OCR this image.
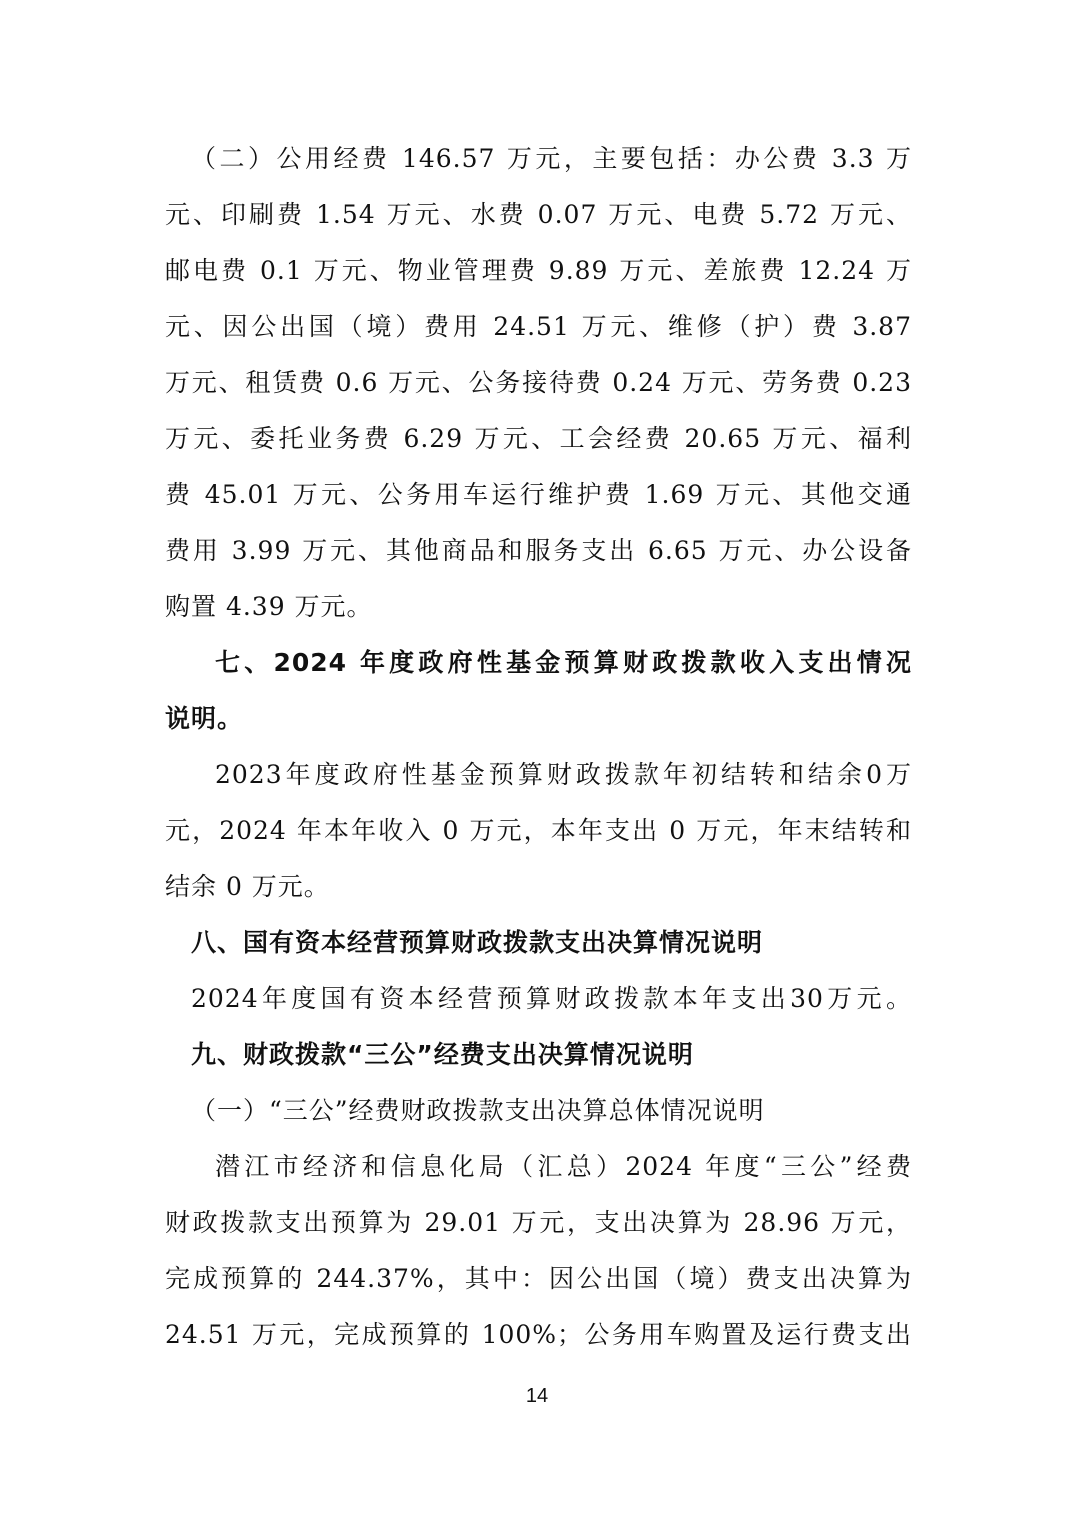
（二）公用经费 146.57 万元，主要包括：办公费 3.3 万
元、印刷费 1.54 万元、水费 0.07 万元、电费 5.72 万元、
邮电费 0.1 万元、物业管理费 9.89 万元、差旅费 12.24 万
元、因公出国（境）费用 24.51 万元、维修（护）费 3.87
万元、租赁费 0.6 万元、公务接待费 0.24 万元、劳务费 0.23
万元、委托业务费 6.29 万元、工会经费 20.65 万元、福利
费 45.01 万元、公务用车运行维护费 1.69 万元、其他交通
费用 3.99 万元、其他商品和服务支出 6.65 万元、办公设备
购置 4.39 万元。
七、2024 年度政府性基金预算财政拨款收入支出情况
说明。
2023年度政府性基金预算财政拨款年初结转和结余0万
元，2024 年本年收入 0 万元，本年支出 0 万元，年末结转和
结余 0 万元。
八、国有资本经营预算财政拨款支出决算情况说明
2024年度国有资本经营预算财政拨款本年支出30万元。
九、财政拨款“三公”经费支出决算情况说明
（一）“三公”经费财政拨款支出决算总体情况说明
潜江市经济和信息化局（汇总）2024 年度“三公”经费
财政拨款支出预算为 29.01 万元，支出决算为 28.96 万元，
完成预算的 244.37%，其中：因公出国（境）费支出决算为
24.51 万元，完成预算的 100%；公务用车购置及运行费支出
14
